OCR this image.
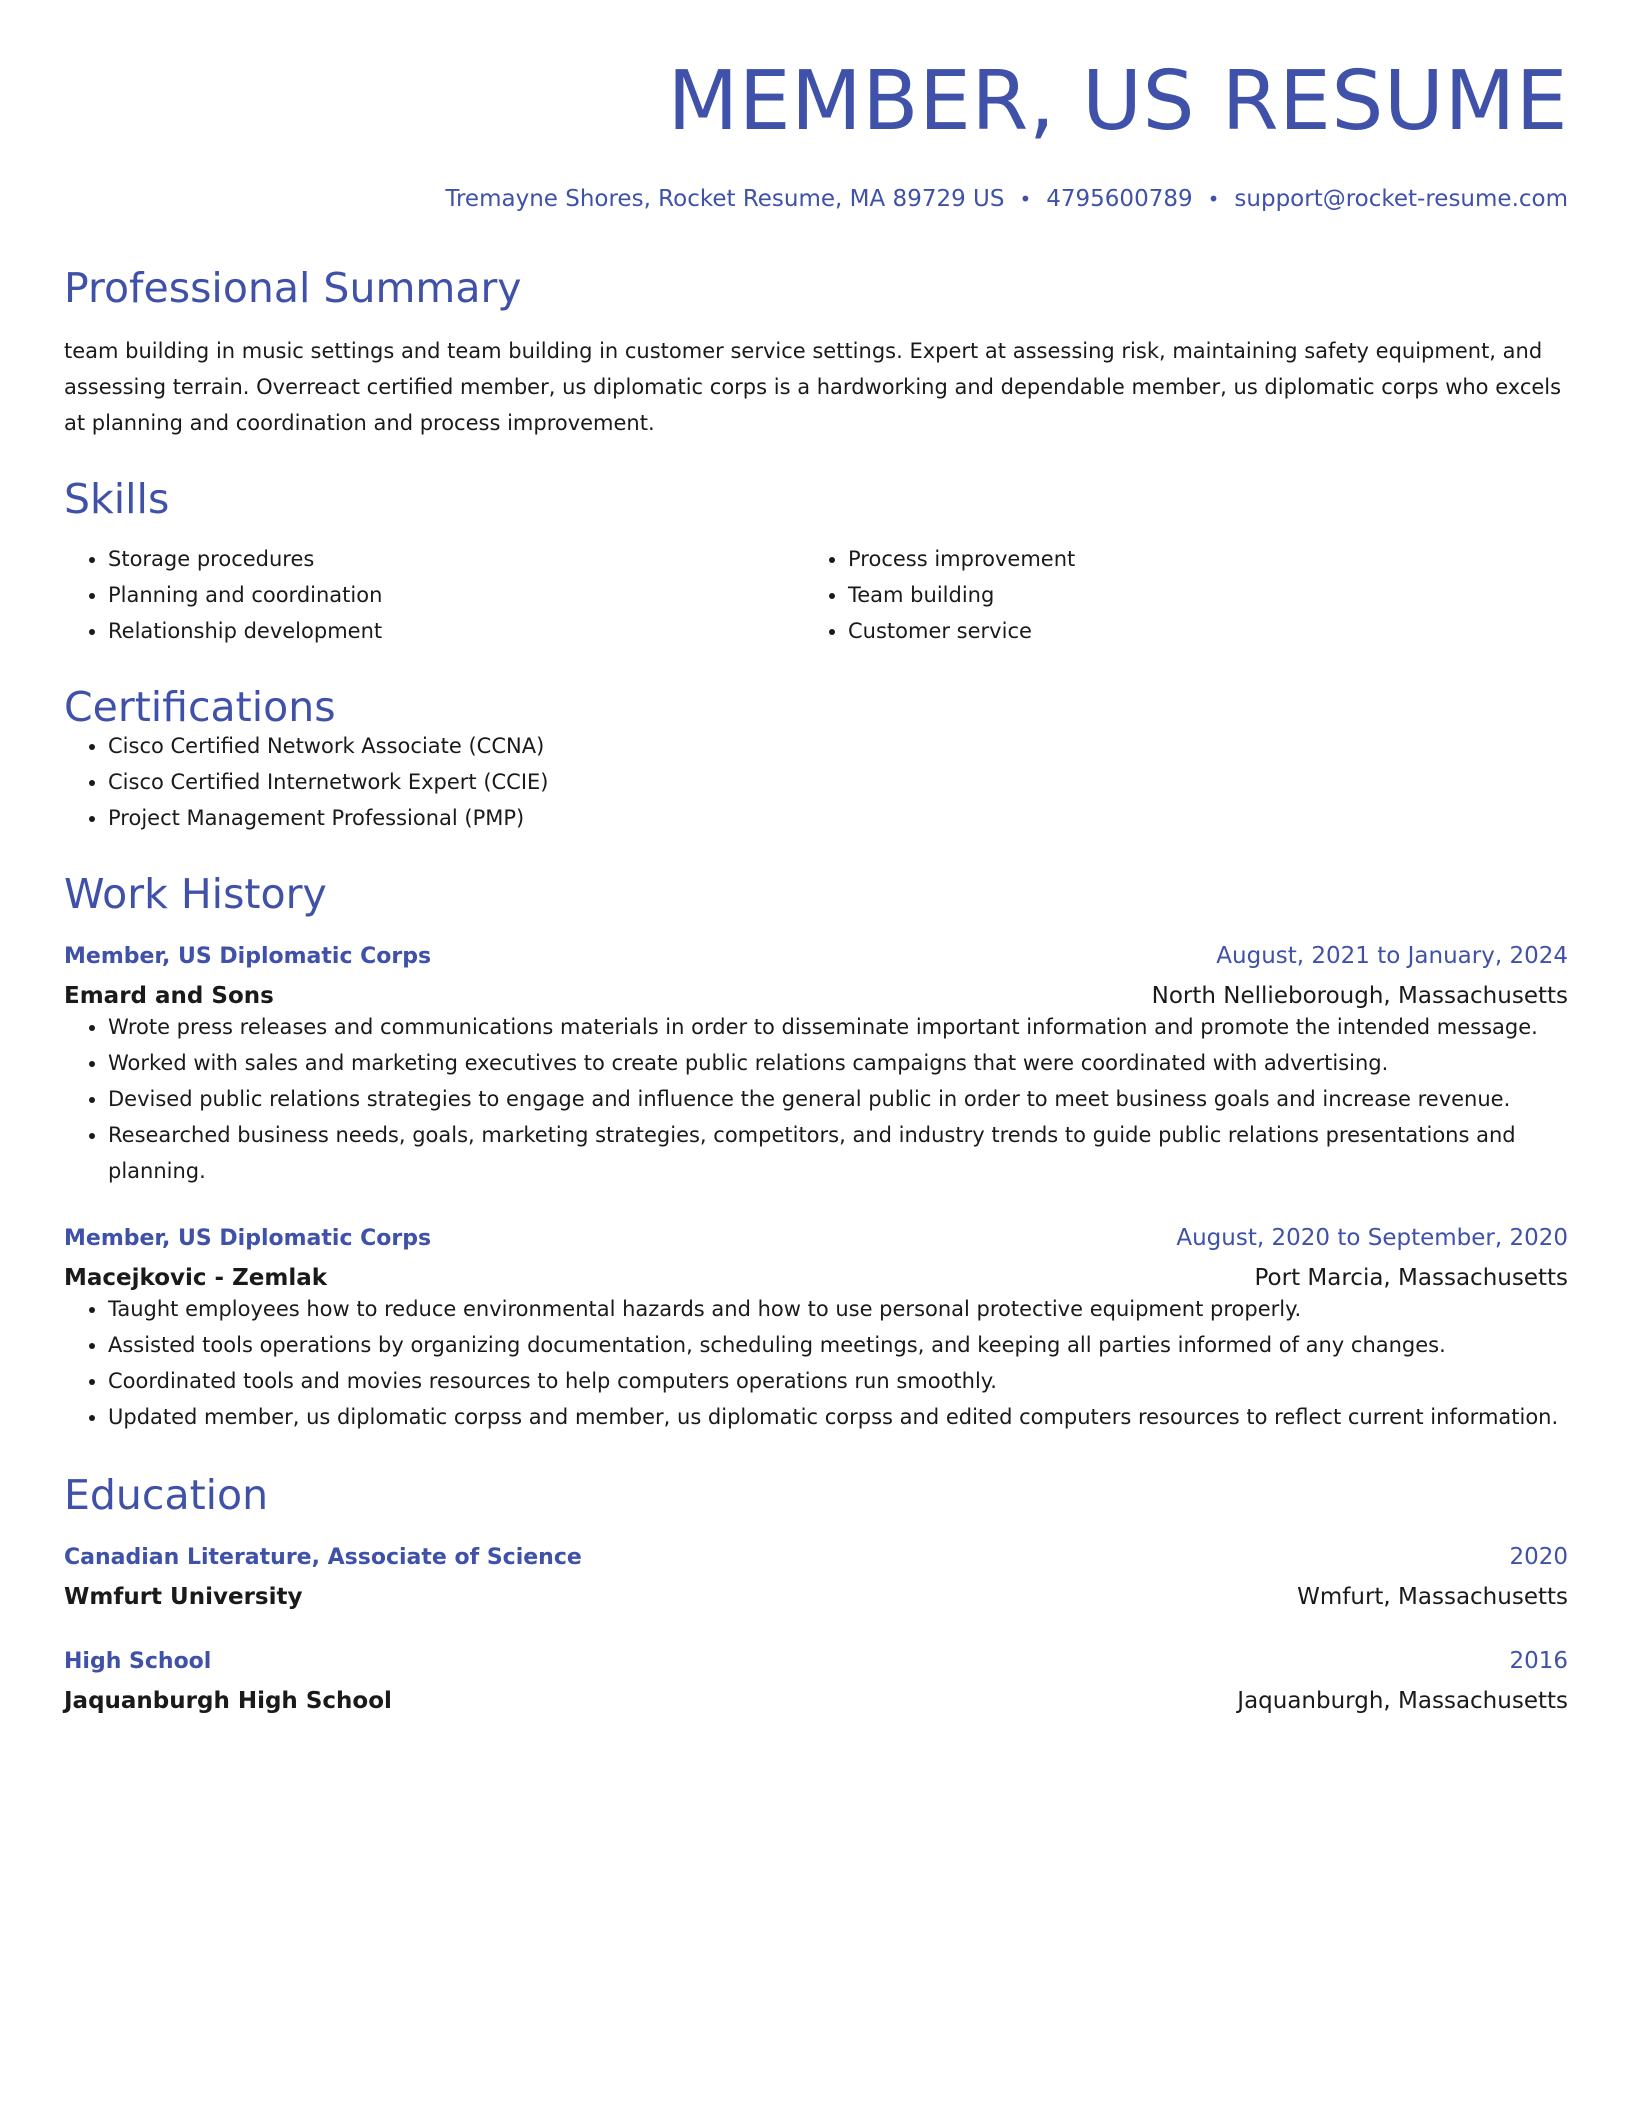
MEMBER, US RESUME
Tremayne Shores, Rocket Resume, MA 89729 US • 4795600789 • support@rocket-resume.com
Professional Summary

team building in music settings and team building in customer service settings. Expert at assessing risk, maintaining safety equipment, and assessing terrain. Overreact certified member, us diplomatic corps is a hardworking and dependable member, us diplomatic corps who excels at planning and coordination and process improvement.

Skills
• Storage procedures
• Planning and coordination
• Relationship development
• Process improvement
• Team building
• Customer service
Certifications
• Cisco Certified Network Associate (CCNA)
• Cisco Certified Internetwork Expert (CCIE)
• Project Management Professional (PMP)
Work History
Member, US Diplomatic Corps	August, 2021 to January, 2024
Emard and Sons	North Nellieborough, Massachusetts
• Wrote press releases and communications materials in order to disseminate important information and promote the intended message.
• Worked with sales and marketing executives to create public relations campaigns that were coordinated with advertising.
• Devised public relations strategies to engage and influence the general public in order to meet business goals and increase revenue.
• Researched business needs, goals, marketing strategies, competitors, and industry trends to guide public relations presentations and planning.
Member, US Diplomatic Corps	August, 2020 to September, 2020
Macejkovic - Zemlak	Port Marcia, Massachusetts
• Taught employees how to reduce environmental hazards and how to use personal protective equipment properly.
• Assisted tools operations by organizing documentation, scheduling meetings, and keeping all parties informed of any changes.
• Coordinated tools and movies resources to help computers operations run smoothly.
• Updated member, us diplomatic corpss and member, us diplomatic corpss and edited computers resources to reflect current information.
Education
Canadian Literature, Associate of Science	2020
Wmfurt University	Wmfurt, Massachusetts
High School	2016
Jaquanburgh High School	Jaquanburgh, Massachusetts
